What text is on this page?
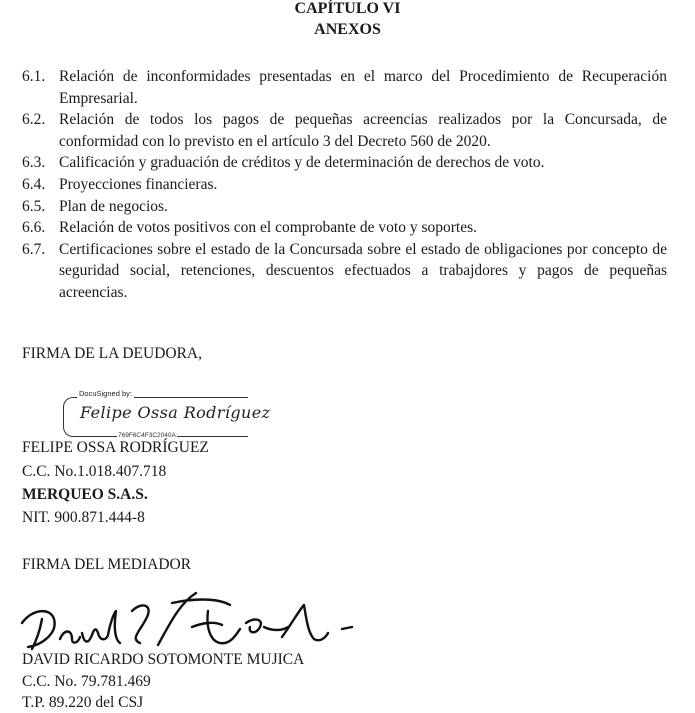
CAPÍTULO VI
ANEXOS
6.1. Relación de inconformidades presentadas en el marco del Procedimiento de Recuperación Empresarial.
6.2. Relación de todos los pagos de pequeñas acreencias realizados por la Concursada, de conformidad con lo previsto en el artículo 3 del Decreto 560 de 2020.
6.3. Calificación y graduación de créditos y de determinación de derechos de voto.
6.4. Proyecciones financieras.
6.5. Plan de negocios.
6.6. Relación de votos positivos con el comprobante de voto y soportes.
6.7. Certificaciones sobre el estado de la Concursada sobre el estado de obligaciones por concepto de seguridad social, retenciones, descuentos efectuados a trabajdores y pagos de pequeñas acreencias.

FIRMA DE LA DEUDORA,

DocuSigned by:
Felipe Ossa Rodríguez
769F6C4F3C2040A

FELIPE OSSA RODRÍGUEZ

C.C. No.1.018.407.718

MERQUEO S.A.S.

NIT. 900.871.444-8

FIRMA DEL MEDIADOR

DAVID RICARDO SOTOMONTE MUJICA

C.C. No. 79.781.469

T.P. 89.220 del CSJ
